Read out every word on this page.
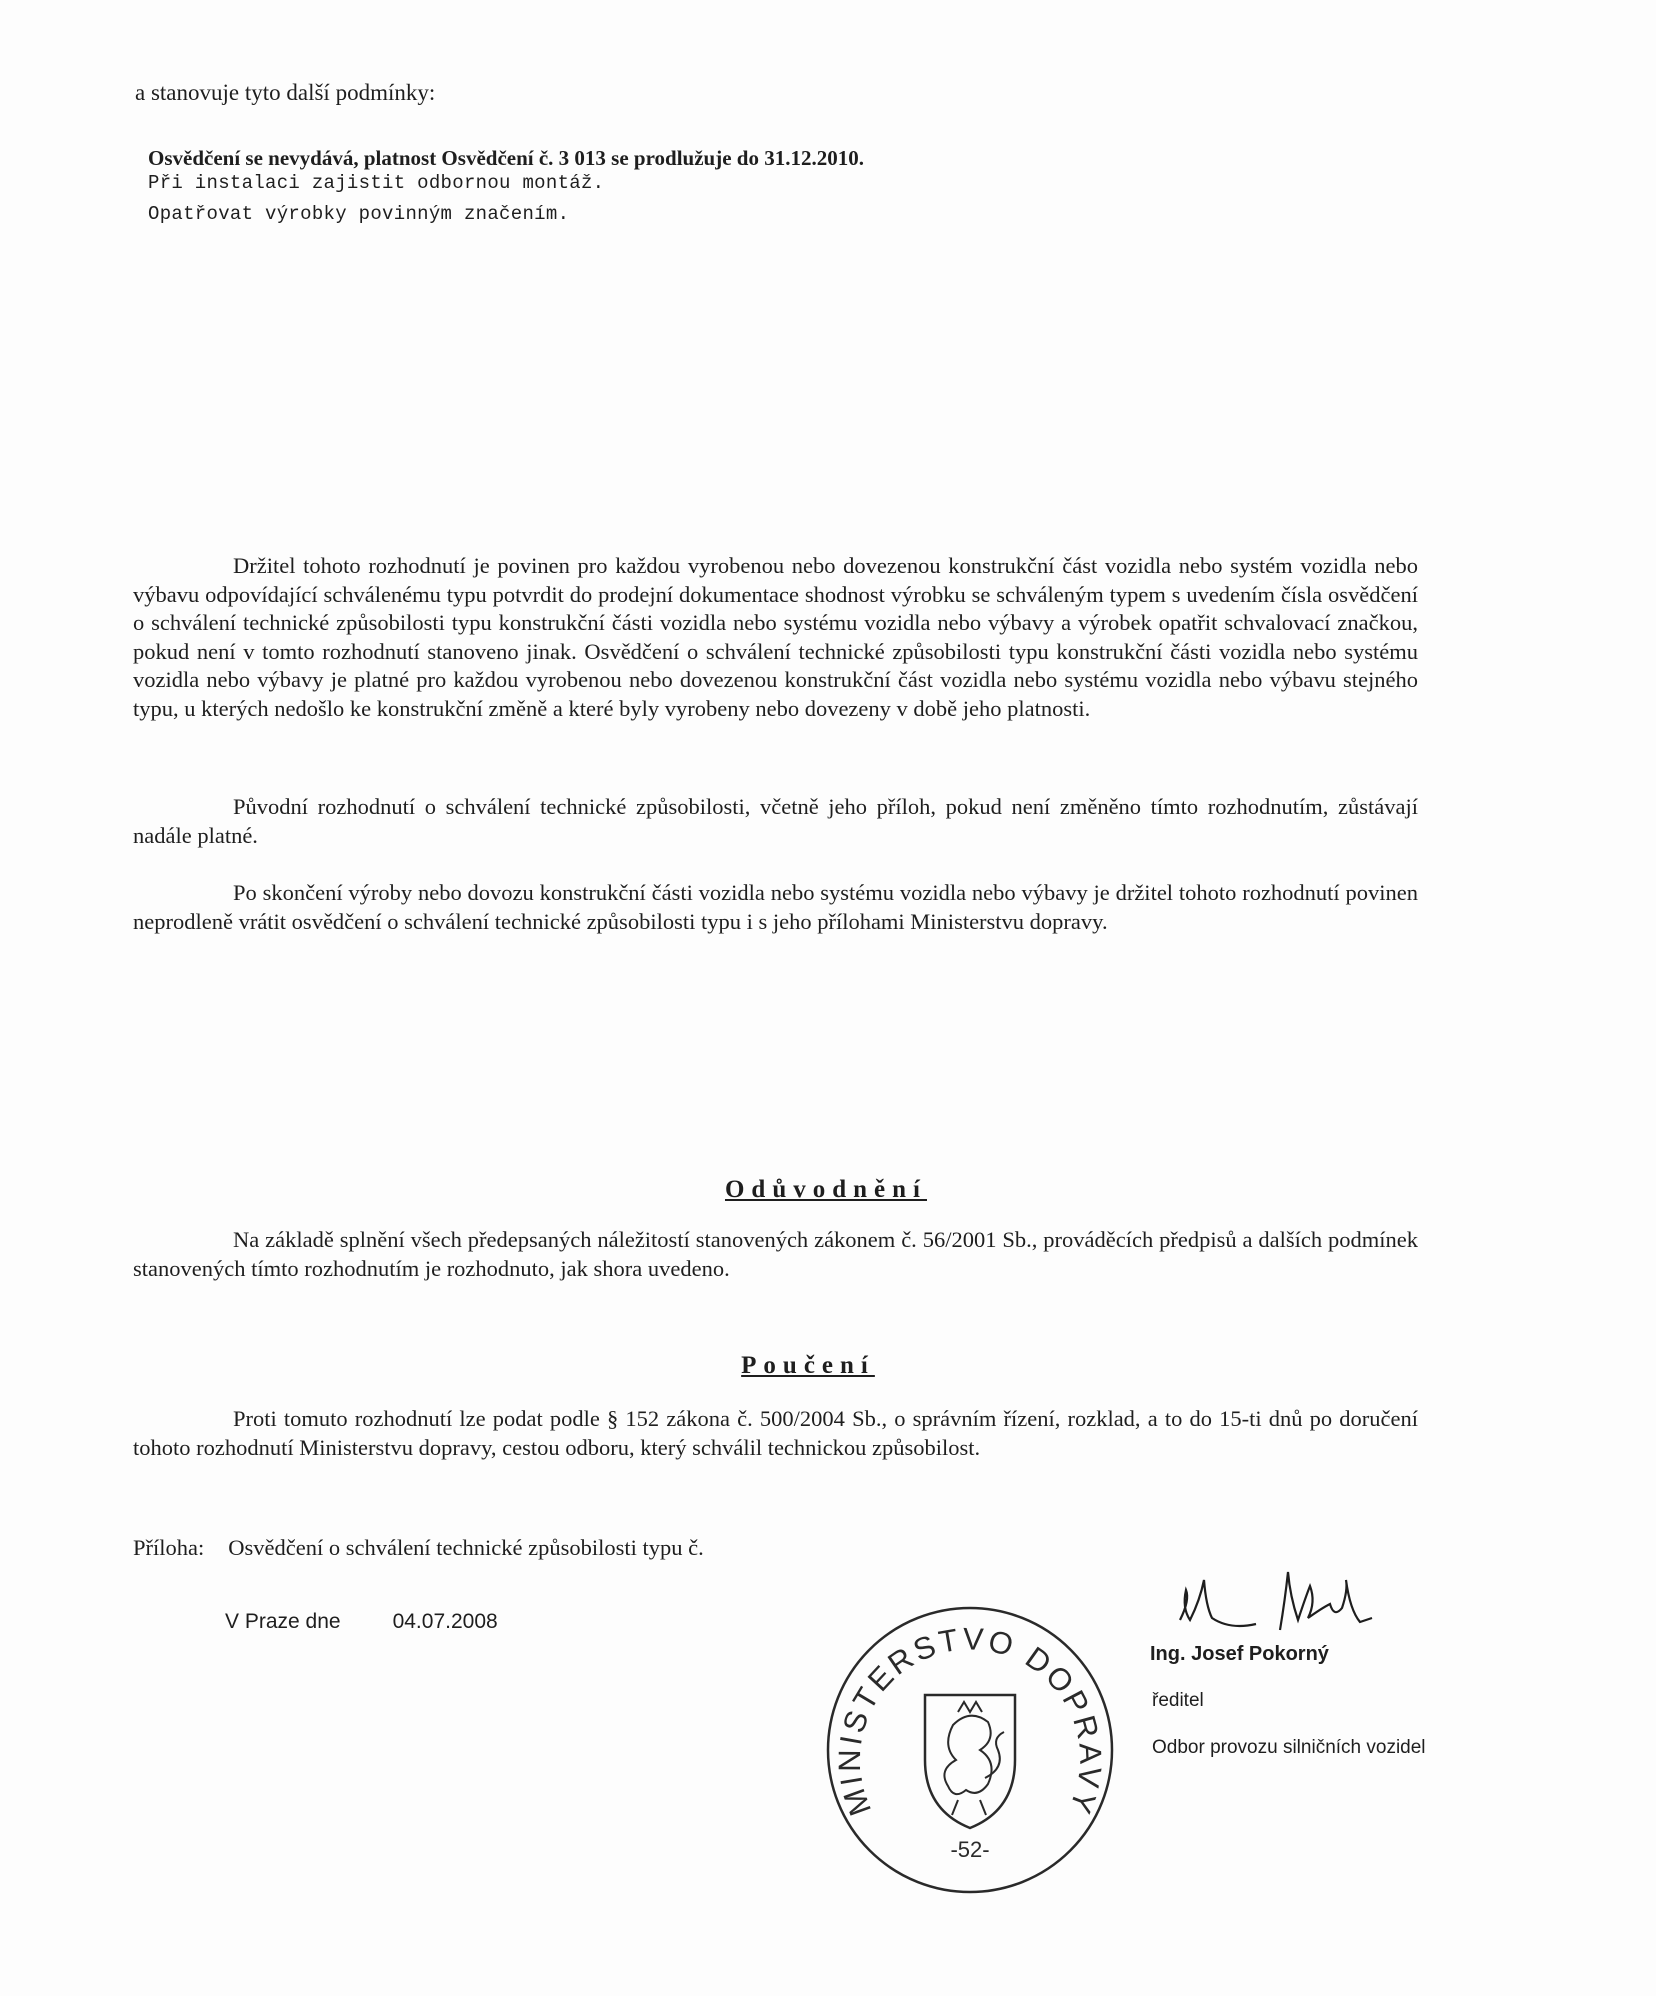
a stanovuje tyto další podmínky:
Osvědčení se nevydává, platnost Osvědčení č. 3 013 se prodlužuje do 31.12.2010.
Při instalaci zajistit odbornou montáž.
Opatřovat výrobky povinným značením.

Držitel tohoto rozhodnutí je povinen pro každou vyrobenou nebo dovezenou konstrukční část vozidla nebo systém vozidla nebo výbavu odpovídající schválenému typu potvrdit do prodejní dokumentace shodnost výrobku se schváleným typem s uvedením čísla osvědčení o schválení technické způsobilosti typu konstrukční části vozidla nebo systému vozidla nebo výbavy a výrobek opatřit schvalovací značkou, pokud není v tomto rozhodnutí stanoveno jinak. Osvědčení o schválení technické způsobilosti typu konstrukční části vozidla nebo systému vozidla nebo výbavy je platné pro každou vyrobenou nebo dovezenou konstrukční část vozidla nebo systému vozidla nebo výbavu stejného typu, u kterých nedošlo ke konstrukční změně a které byly vyrobeny nebo dovezeny v době jeho platnosti.

Původní rozhodnutí o schválení technické způsobilosti, včetně jeho příloh, pokud není změněno tímto rozhodnutím, zůstávají nadále platné.

Po skončení výroby nebo dovozu konstrukční části vozidla nebo systému vozidla nebo výbavy je držitel tohoto rozhodnutí povinen neprodleně vrátit osvědčení o schválení technické způsobilosti typu i s jeho přílohami Ministerstvu dopravy.

Odůvodnění

Na základě splnění všech předepsaných náležitostí stanovených zákonem č. 56/2001 Sb., prováděcích předpisů a dalších podmínek stanovených tímto rozhodnutím je rozhodnuto, jak shora uvedeno.

Poučení

Proti tomuto rozhodnutí lze podat podle § 152 zákona č. 500/2004 Sb., o správním řízení, rozklad, a to do 15-ti dnů po doručení tohoto rozhodnutí Ministerstvu dopravy, cestou odboru, který schválil technickou způsobilost.

Příloha: Osvědčení o schválení technické způsobilosti typu č.
V Praze dne 04.07.2008
MINISTERSTVO DOPRAVY
-52-
Ing. Josef Pokorný
ředitel
Odbor provozu silničních vozidel
